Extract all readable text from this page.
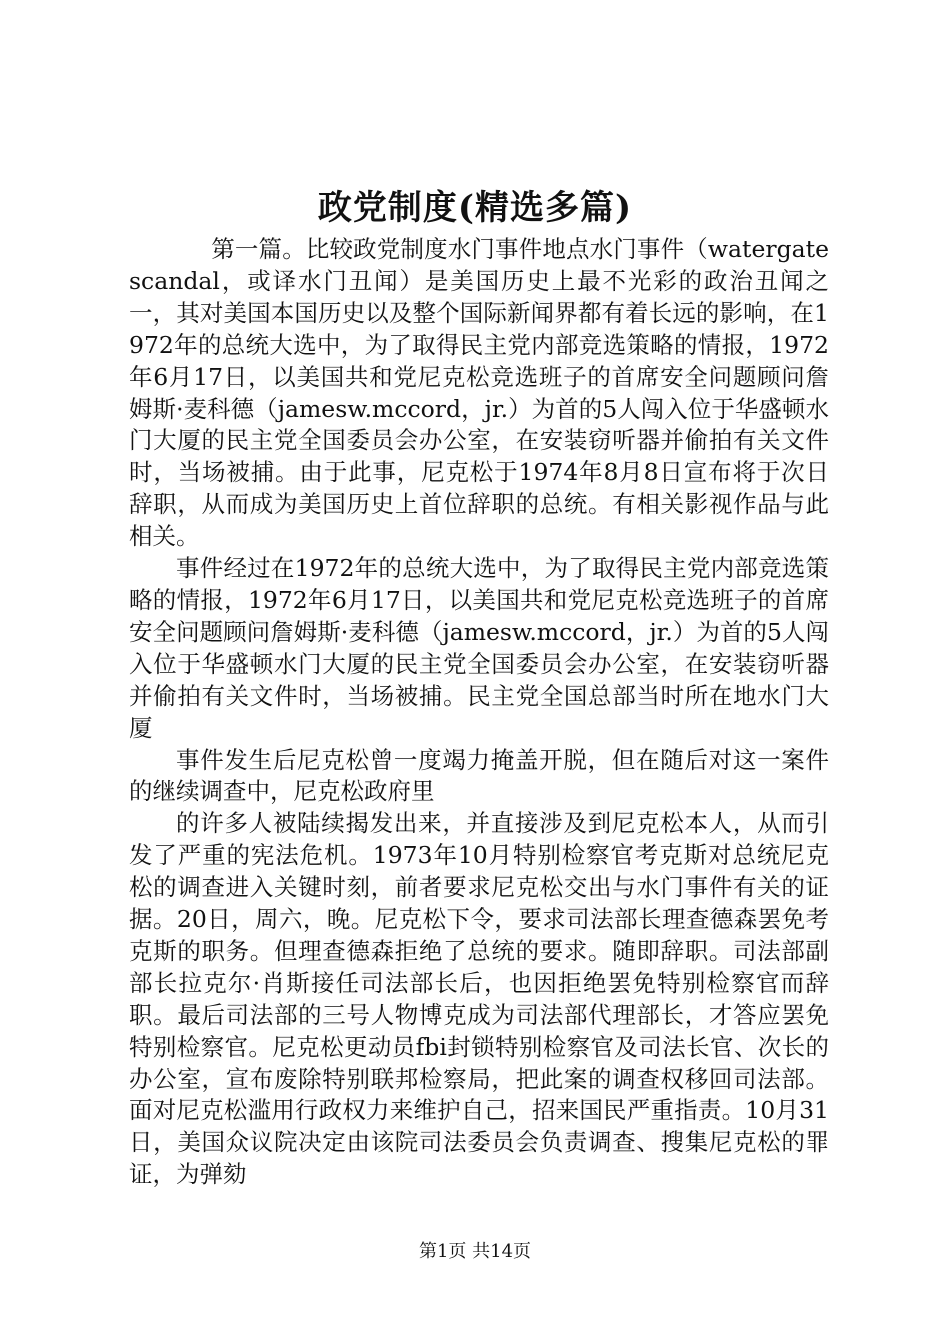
政党制度(精选多篇)

第一篇。比较政党制度水门事件地点水门事件（watergatescandal，或译水门丑闻）是美国历史上最不光彩的政治丑闻之一，其对美国本国历史以及整个国际新闻界都有着长远的影响，在1972年的总统大选中，为了取得民主党内部竞选策略的情报，1972年6月17日，以美国共和党尼克松竞选班子的首席安全问题顾问詹姆斯·麦科德（jamesw.mccord，jr.）为首的5人闯入位于华盛顿水门大厦的民主党全国委员会办公室，在安装窃听器并偷拍有关文件时，当场被捕。由于此事，尼克松于1974年8月8日宣布将于次日辞职，从而成为美国历史上首位辞职的总统。有相关影视作品与此相关。

事件经过在1972年的总统大选中，为了取得民主党内部竞选策略的情报，1972年6月17日，以美国共和党尼克松竞选班子的首席安全问题顾问詹姆斯·麦科德（jamesw.mccord，jr.）为首的5人闯入位于华盛顿水门大厦的民主党全国委员会办公室，在安装窃听器并偷拍有关文件时，当场被捕。民主党全国总部当时所在地水门大厦

事件发生后尼克松曾一度竭力掩盖开脱，但在随后对这一案件的继续调查中，尼克松政府里

的许多人被陆续揭发出来，并直接涉及到尼克松本人，从而引发了严重的宪法危机。1973年10月特别检察官考克斯对总统尼克松的调查进入关键时刻，前者要求尼克松交出与水门事件有关的证据。20日，周六，晚。尼克松下令，要求司法部长理查德森罢免考克斯的职务。但理查德森拒绝了总统的要求。随即辞职。司法部副部长拉克尔·肖斯接任司法部长后，也因拒绝罢免特别检察官而辞职。最后司法部的三号人物博克成为司法部代理部长，才答应罢免特别检察官。尼克松更动员fbi封锁特别检察官及司法长官、次长的办公室，宣布废除特别联邦检察局，把此案的调查权移回司法部。面对尼克松滥用行政权力来维护自己，招来国民严重指责。10月31日，美国众议院决定由该院司法委员会负责调查、搜集尼克松的罪证，为弹劾

第1页 共14页
